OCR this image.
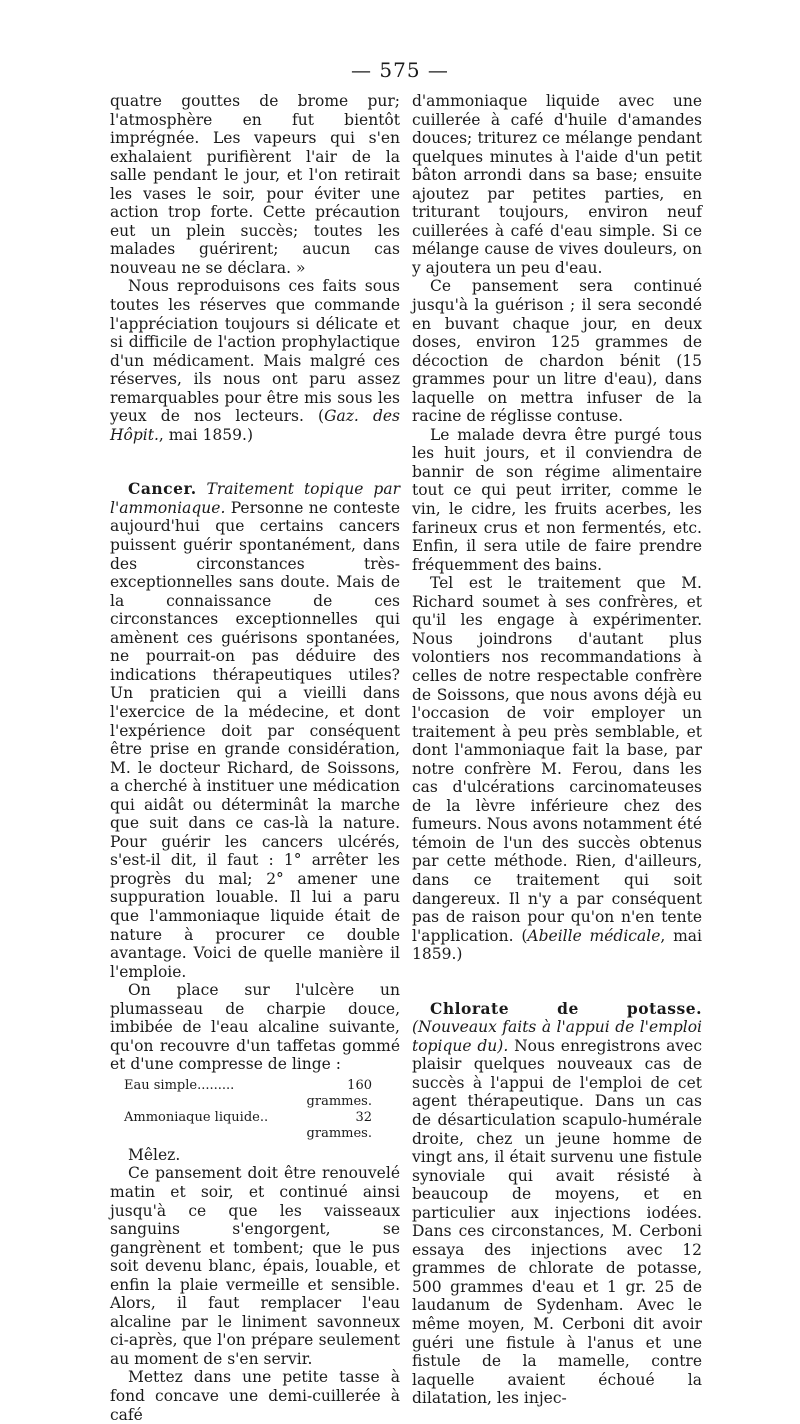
— 575 —

quatre gouttes de brome pur; l'atmosphère en fut bientôt imprégnée. Les vapeurs qui s'en exhalaient purifièrent l'air de la salle pendant le jour, et l'on retirait les vases le soir, pour éviter une action trop forte. Cette précaution eut un plein succès; toutes les malades guérirent; aucun cas nouveau ne se déclara. »

Nous reproduisons ces faits sous toutes les réserves que commande l'appréciation toujours si délicate et si difficile de l'action prophylactique d'un médicament. Mais malgré ces réserves, ils nous ont paru assez remarquables pour être mis sous les yeux de nos lecteurs. (Gaz. des Hôpit., mai 1859.)

Cancer. Traitement topique par l'ammoniaque. Personne ne conteste aujourd'hui que certains cancers puissent guérir spontanément, dans des circonstances très-exceptionnelles sans doute. Mais de la connaissance de ces circonstances exceptionnelles qui amènent ces guérisons spontanées, ne pourrait-on pas déduire des indications thérapeutiques utiles? Un praticien qui a vieilli dans l'exercice de la médecine, et dont l'expérience doit par conséquent être prise en grande considération, M. le docteur Richard, de Soissons, a cherché à instituer une médication qui aidât ou déterminât la marche que suit dans ce cas-là la nature. Pour guérir les cancers ulcérés, s'est-il dit, il faut : 1° arrêter les progrès du mal; 2° amener une suppuration louable. Il lui a paru que l'ammoniaque liquide était de nature à procurer ce double avantage. Voici de quelle manière il l'emploie.

On place sur l'ulcère un plumasseau de charpie douce, imbibée de l'eau alcaline suivante, qu'on recouvre d'un taffetas gommé et d'une compresse de linge :

Eau simple.........	160 grammes.
Ammoniaque liquide..	32 grammes.

Mêlez.

Ce pansement doit être renouvelé matin et soir, et continué ainsi jusqu'à ce que les vaisseaux sanguins s'engorgent, se gangrènent et tombent; que le pus soit devenu blanc, épais, louable, et enfin la plaie vermeille et sensible. Alors, il faut remplacer l'eau alcaline par le liniment savonneux ci-après, que l'on prépare seulement au moment de s'en servir.

Mettez dans une petite tasse à fond concave une demi-cuillerée à café

d'ammoniaque liquide avec une cuillerée à café d'huile d'amandes douces; triturez ce mélange pendant quelques minutes à l'aide d'un petit bâton arrondi dans sa base; ensuite ajoutez par petites parties, en triturant toujours, environ neuf cuillerées à café d'eau simple. Si ce mélange cause de vives douleurs, on y ajoutera un peu d'eau.

Ce pansement sera continué jusqu'à la guérison ; il sera secondé en buvant chaque jour, en deux doses, environ 125 grammes de décoction de chardon bénit (15 grammes pour un litre d'eau), dans laquelle on mettra infuser de la racine de réglisse contuse.

Le malade devra être purgé tous les huit jours, et il conviendra de bannir de son régime alimentaire tout ce qui peut irriter, comme le vin, le cidre, les fruits acerbes, les farineux crus et non fermentés, etc. Enfin, il sera utile de faire prendre fréquemment des bains.

Tel est le traitement que M. Richard soumet à ses confrères, et qu'il les engage à expérimenter. Nous joindrons d'autant plus volontiers nos recommandations à celles de notre respectable confrère de Soissons, que nous avons déjà eu l'occasion de voir employer un traitement à peu près semblable, et dont l'ammoniaque fait la base, par notre confrère M. Ferou, dans les cas d'ulcérations carcinomateuses de la lèvre inférieure chez des fumeurs. Nous avons notamment été témoin de l'un des succès obtenus par cette méthode. Rien, d'ailleurs, dans ce traitement qui soit dangereux. Il n'y a par conséquent pas de raison pour qu'on n'en tente l'application. (Abeille médicale, mai 1859.)

Chlorate de potasse. (Nouveaux faits à l'appui de l'emploi topique du). Nous enregistrons avec plaisir quelques nouveaux cas de succès à l'appui de l'emploi de cet agent thérapeutique. Dans un cas de désarticulation scapulo-humérale droite, chez un jeune homme de vingt ans, il était survenu une fistule synoviale qui avait résisté à beaucoup de moyens, et en particulier aux injections iodées. Dans ces circonstances, M. Cerboni essaya des injections avec 12 grammes de chlorate de potasse, 500 grammes d'eau et 1 gr. 25 de laudanum de Sydenham. Avec le même moyen, M. Cerboni dit avoir guéri une fistule à l'anus et une fistule de la mamelle, contre laquelle avaient échoué la dilatation, les injec-
